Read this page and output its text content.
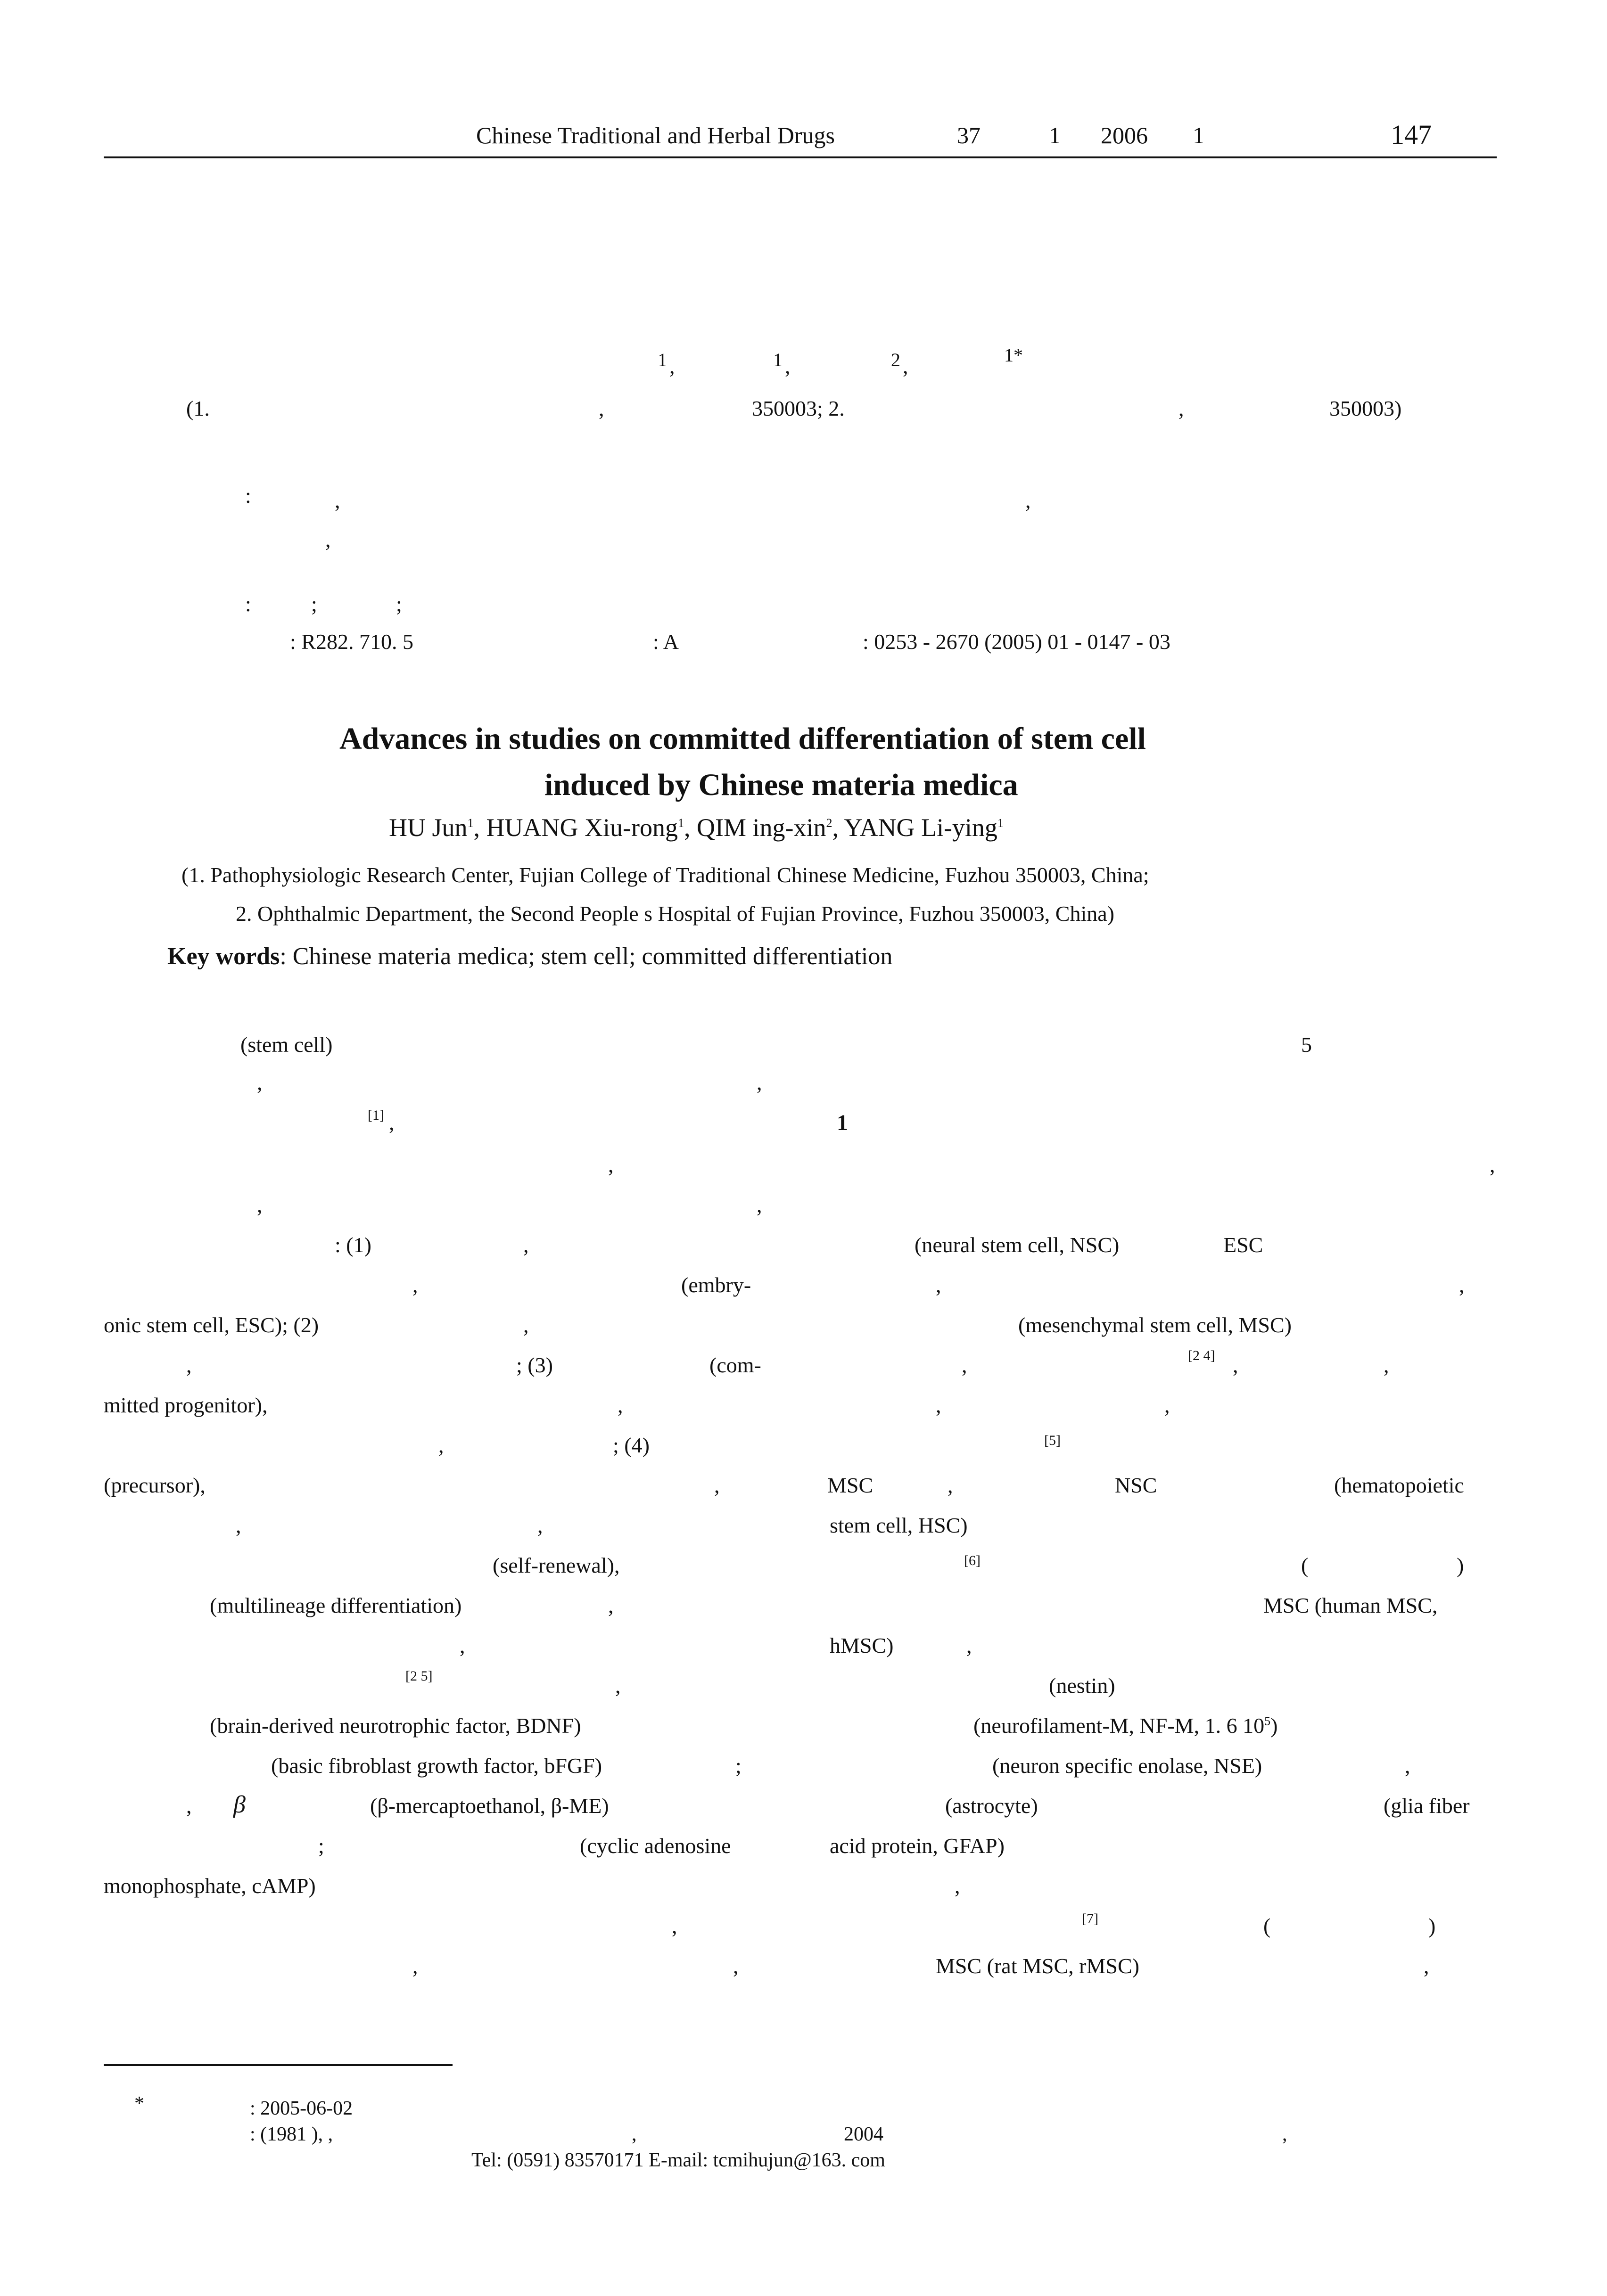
Chinese Traditional and Herbal Drugs	37	1 2006 1	147
1 ,	1 ,	2 ,	1*
(1.	,	350003; 2.	,	350003)
:	,	,
,
:	;	;
: R282. 710. 5	: A	: 0253 - 2670 (2005) 01 - 0147 - 03
Advances in studies on committed differentiation of stem cell
induced by Chinese materia medica
HU Jun$^1$, HUANG Xiu-rong$^1$, QIM ing-xin$^2$, YANG Li-ying$^1$
(1. Pathophysiologic Research Center, Fujian College of Traditional Chinese Medicine, Fuzhou 350003, China;
2. Ophthalmic Department, the Second People s Hospital of Fujian Province, Fuzhou 350003, China)
Key words: Chinese materia medica; stem cell; committed differentiation
(stem cell)
,	,
[1] ,
,
,	,
: (1)	,
,	(embry-
onic stem cell, ESC); (2)	,
,	; (3)	(com-
mitted progenitor),	,
,	; (4)
(precursor),	,
,	,
(self-renewal),
(multilineage differentiation)	,
,
[2 5]	,
(brain-derived neurotrophic factor, BDNF)
(basic fibroblast growth factor, bFGF)	;
, β	(β-mercaptoethanol, β-ME)
;	(cyclic adenosine
monophosphate, cAMP)
,
,	,
5
1
,
(neural stem cell, NSC)	ESC
,	,
(mesenchymal stem cell, MSC)
,	[2 4] ,	,
,	,
[5]
MSC	,	NSC	(hematopoietic
stem cell, HSC)
[6]	(	)
MSC (human MSC,
hMSC)	,
(nestin)
(neurofilament-M, NF-M, 1. 6 $10^5$)
(neuron specific enolase, NSE)	,
(astrocyte)	(glia fiber
acid protein, GFAP)
,
[7]	(	)
MSC (rat MSC, rMSC)	,
*	: 2005-06-02
: (1981 ), ,	,	2004	,
Tel: (0591) 83570171 E-mail: tcmihujun@163. com
